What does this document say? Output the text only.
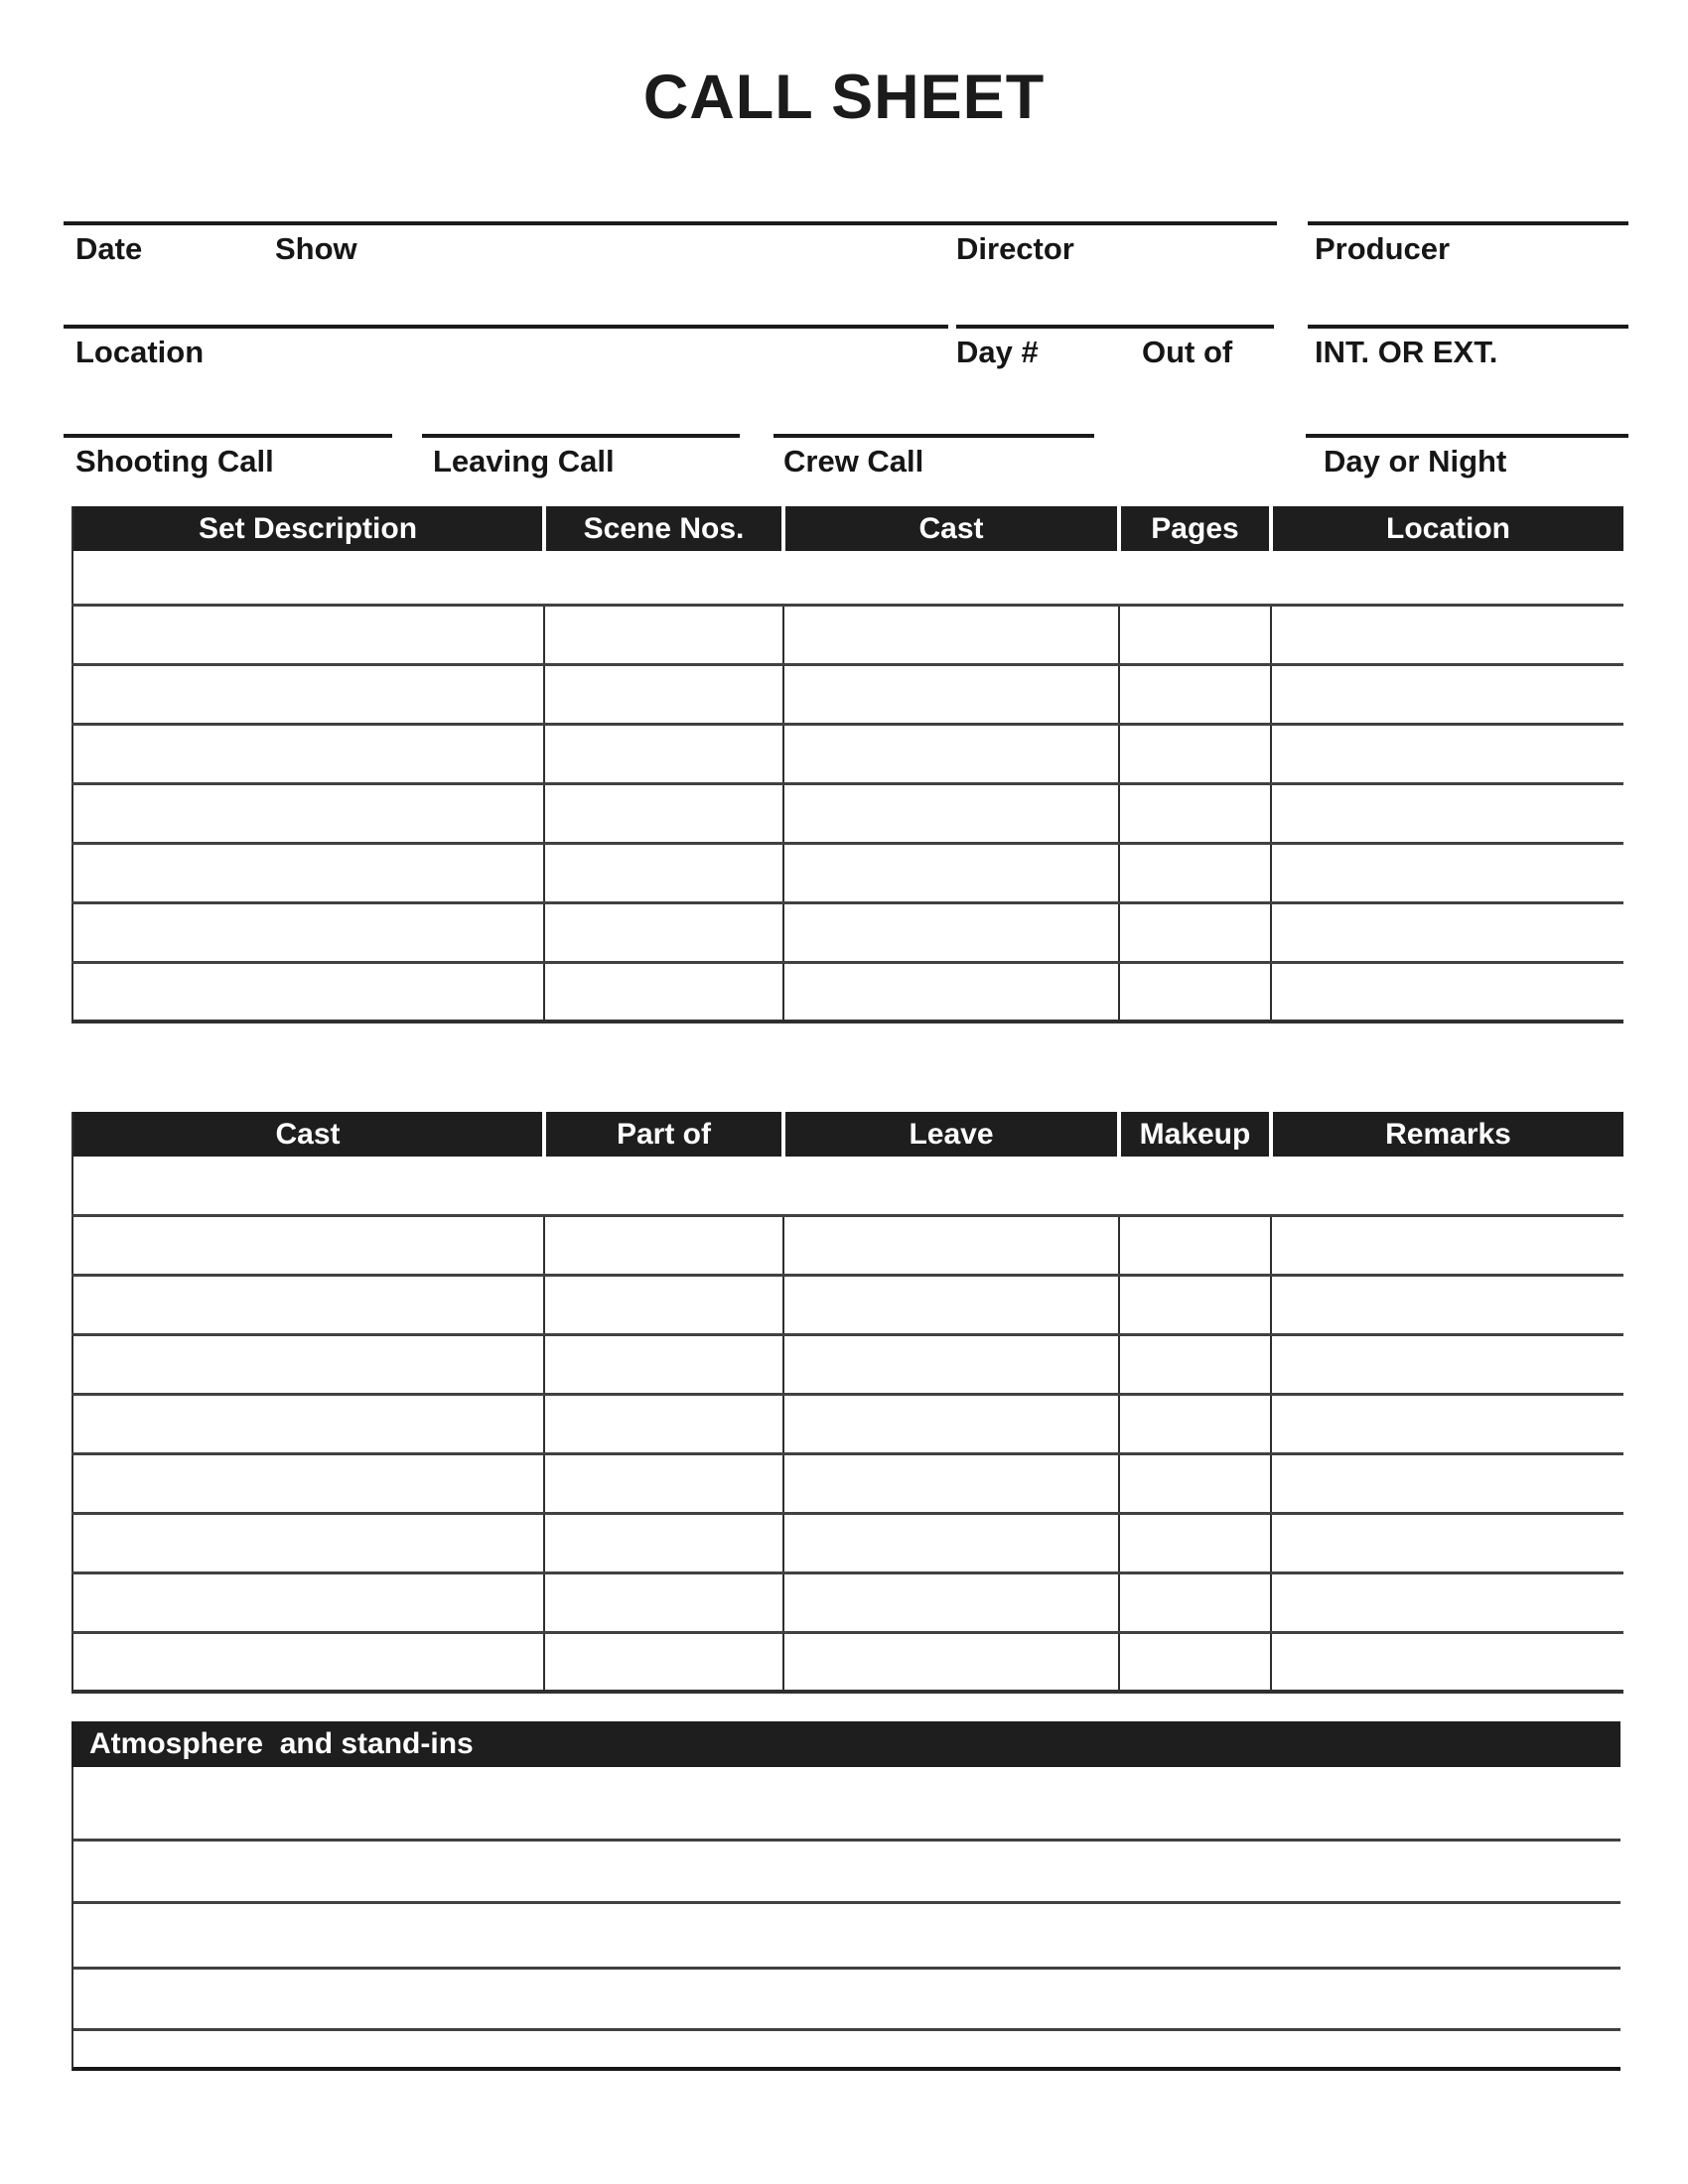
CALL SHEET
Date	Show	Director	Producer
Location	Day #	Out of	INT. OR EXT.
Shooting Call	Leaving Call	Crew Call	Day or Night
Set Description	Scene Nos.	Cast	Pages	Location

Cast	Part of	Leave	Makeup	Remarks

Atmosphere  and stand-ins
